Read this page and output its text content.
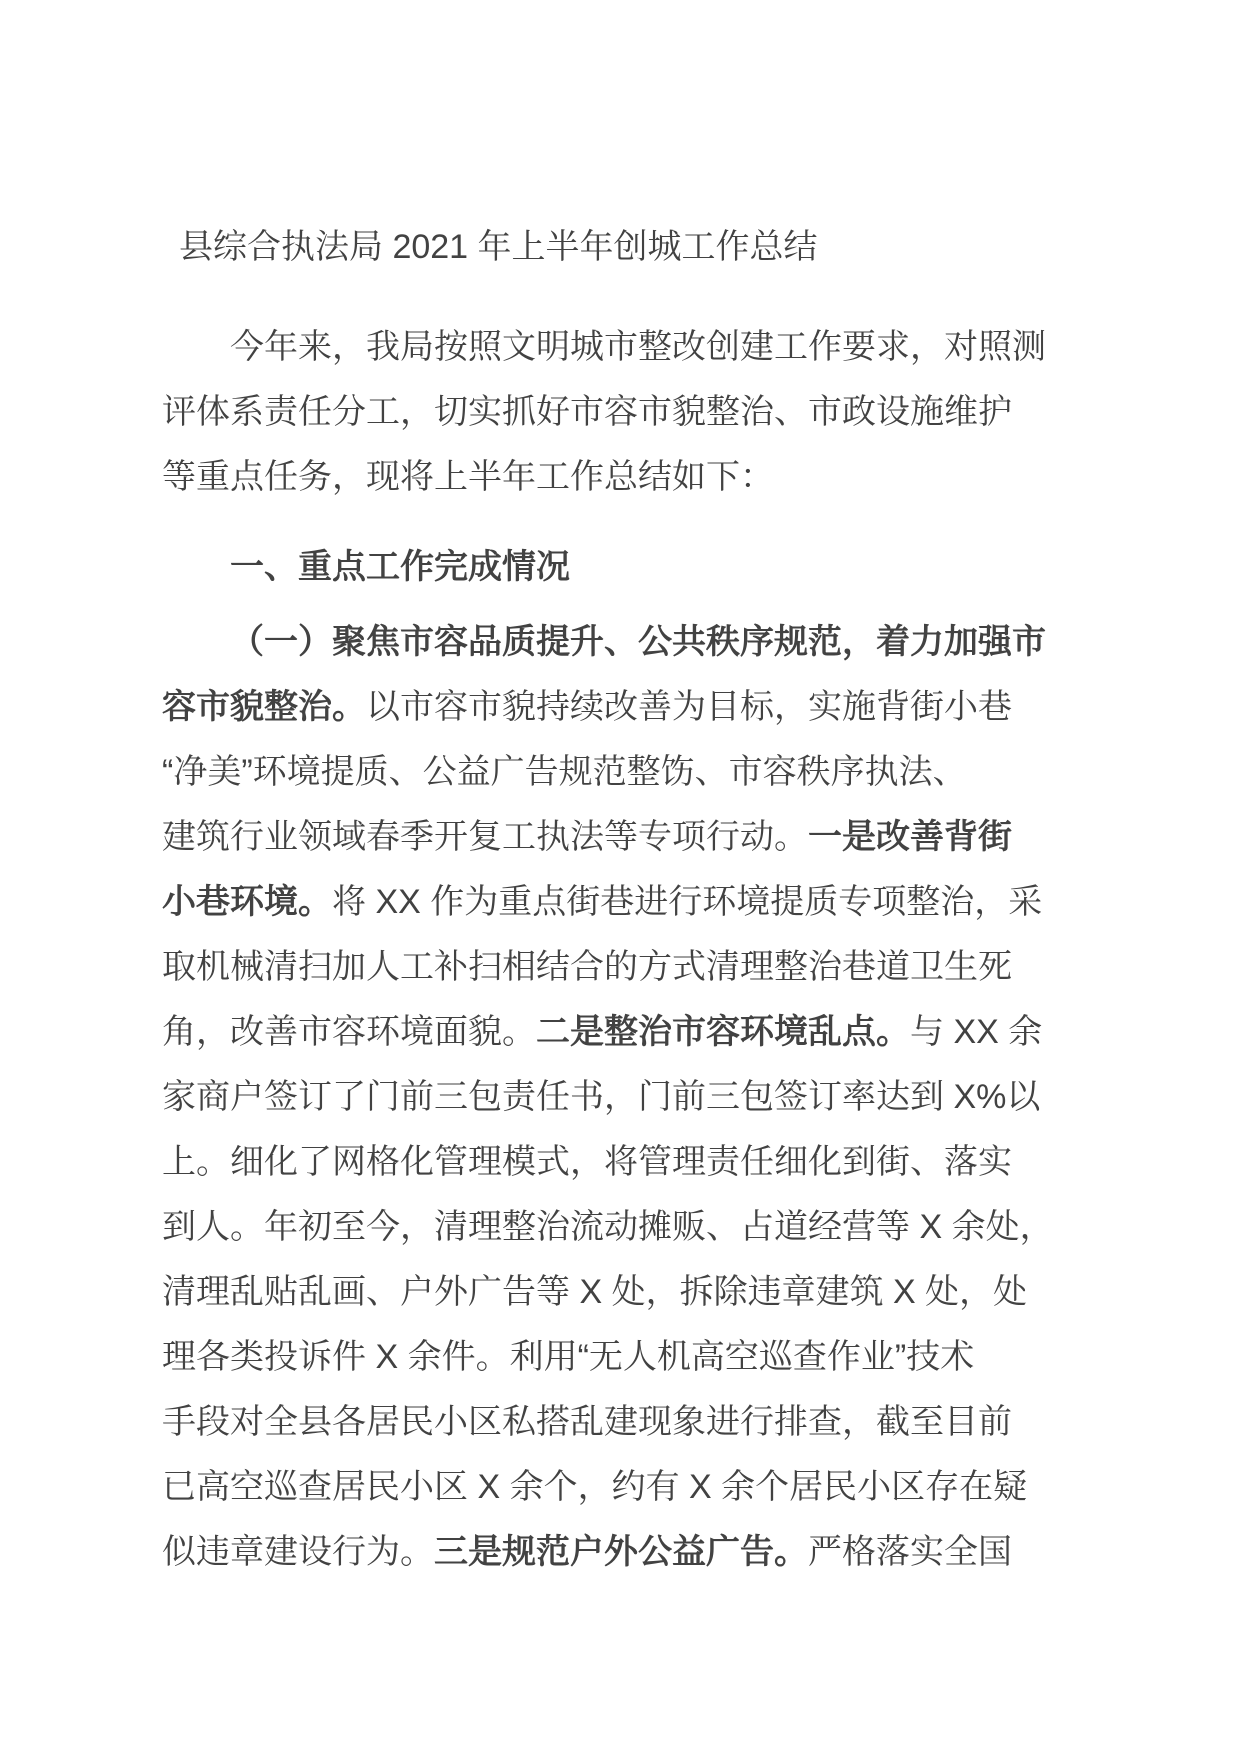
县综合执法局 2021 年上半年创城工作总结
今年来，我局按照文明城市整改创建工作要求，对照测
评体系责任分工，切实抓好市容市貌整治、市政设施维护
等重点任务，现将上半年工作总结如下：
一、重点工作完成情况
（一）聚焦市容品质提升、公共秩序规范，着力加强市
容市貌整治。以市容市貌持续改善为目标，实施背街小巷
“净美”环境提质、公益广告规范整饬、市容秩序执法、
建筑行业领域春季开复工执法等专项行动。一是改善背街
小巷环境。将 XX 作为重点街巷进行环境提质专项整治，采
取机械清扫加人工补扫相结合的方式清理整治巷道卫生死
角，改善市容环境面貌。二是整治市容环境乱点。与 XX 余
家商户签订了门前三包责任书，门前三包签订率达到 X%以
上。细化了网格化管理模式，将管理责任细化到街、落实
到人。年初至今，清理整治流动摊贩、占道经营等 X 余处，
清理乱贴乱画、户外广告等 X 处，拆除违章建筑 X 处，处
理各类投诉件 X 余件。利用“无人机高空巡查作业”技术
手段对全县各居民小区私搭乱建现象进行排查，截至目前
已高空巡查居民小区 X 余个，约有 X 余个居民小区存在疑
似违章建设行为。三是规范户外公益广告。严格落实全国
